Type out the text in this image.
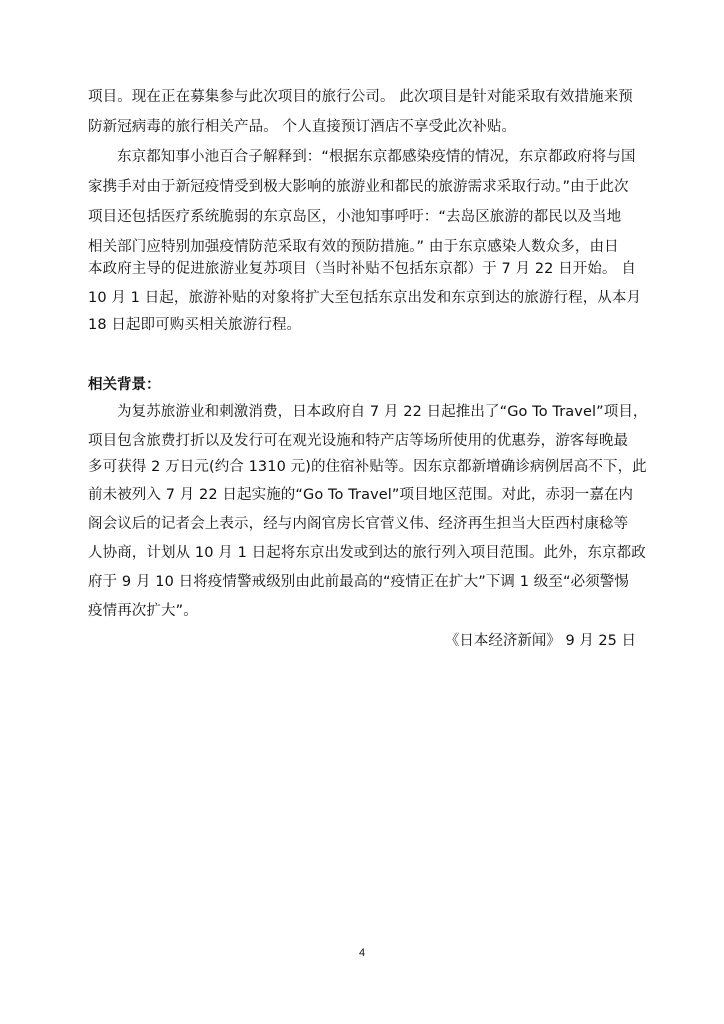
项目。现在正在募集参与此次项目的旅行公司。 此次项目是针对能采取有效措施来预
防新冠病毒的旅行相关产品。 个人直接预订酒店不享受此次补贴。
东京都知事小池百合子解释到：“根据东京都感染疫情的情况，东京都政府将与国
家携手对由于新冠疫情受到极大影响的旅游业和都民的旅游需求采取行动。”由于此次
项目还包括医疗系统脆弱的东京岛区，小池知事呼吁：“去岛区旅游的都民以及当地
相关部门应特别加强疫情防范采取有效的预防措施。” 由于东京感染人数众多，由日
本政府主导的促进旅游业复苏项目（当时补贴不包括东京都）于 7 月 22 日开始。 自
10 月 1 日起，旅游补贴的对象将扩大至包括东京出发和东京到达的旅游行程，从本月
18 日起即可购买相关旅游行程。
相关背景：
为复苏旅游业和刺激消费，日本政府自 7 月 22 日起推出了“Go To Travel”项目，
项目包含旅费打折以及发行可在观光设施和特产店等场所使用的优惠券，游客每晚最
多可获得 2 万日元(约合 1310 元)的住宿补贴等。因东京都新增确诊病例居高不下，此
前未被列入 7 月 22 日起实施的“Go To Travel”项目地区范围。对此，赤羽一嘉在内
阁会议后的记者会上表示，经与内阁官房长官菅义伟、经济再生担当大臣西村康稔等
人协商，计划从 10 月 1 日起将东京出发或到达的旅行列入项目范围。此外，东京都政
府于 9 月 10 日将疫情警戒级别由此前最高的“疫情正在扩大”下调 1 级至“必须警惕
疫情再次扩大”。
《日本经济新闻》 9 月 25 日
4
